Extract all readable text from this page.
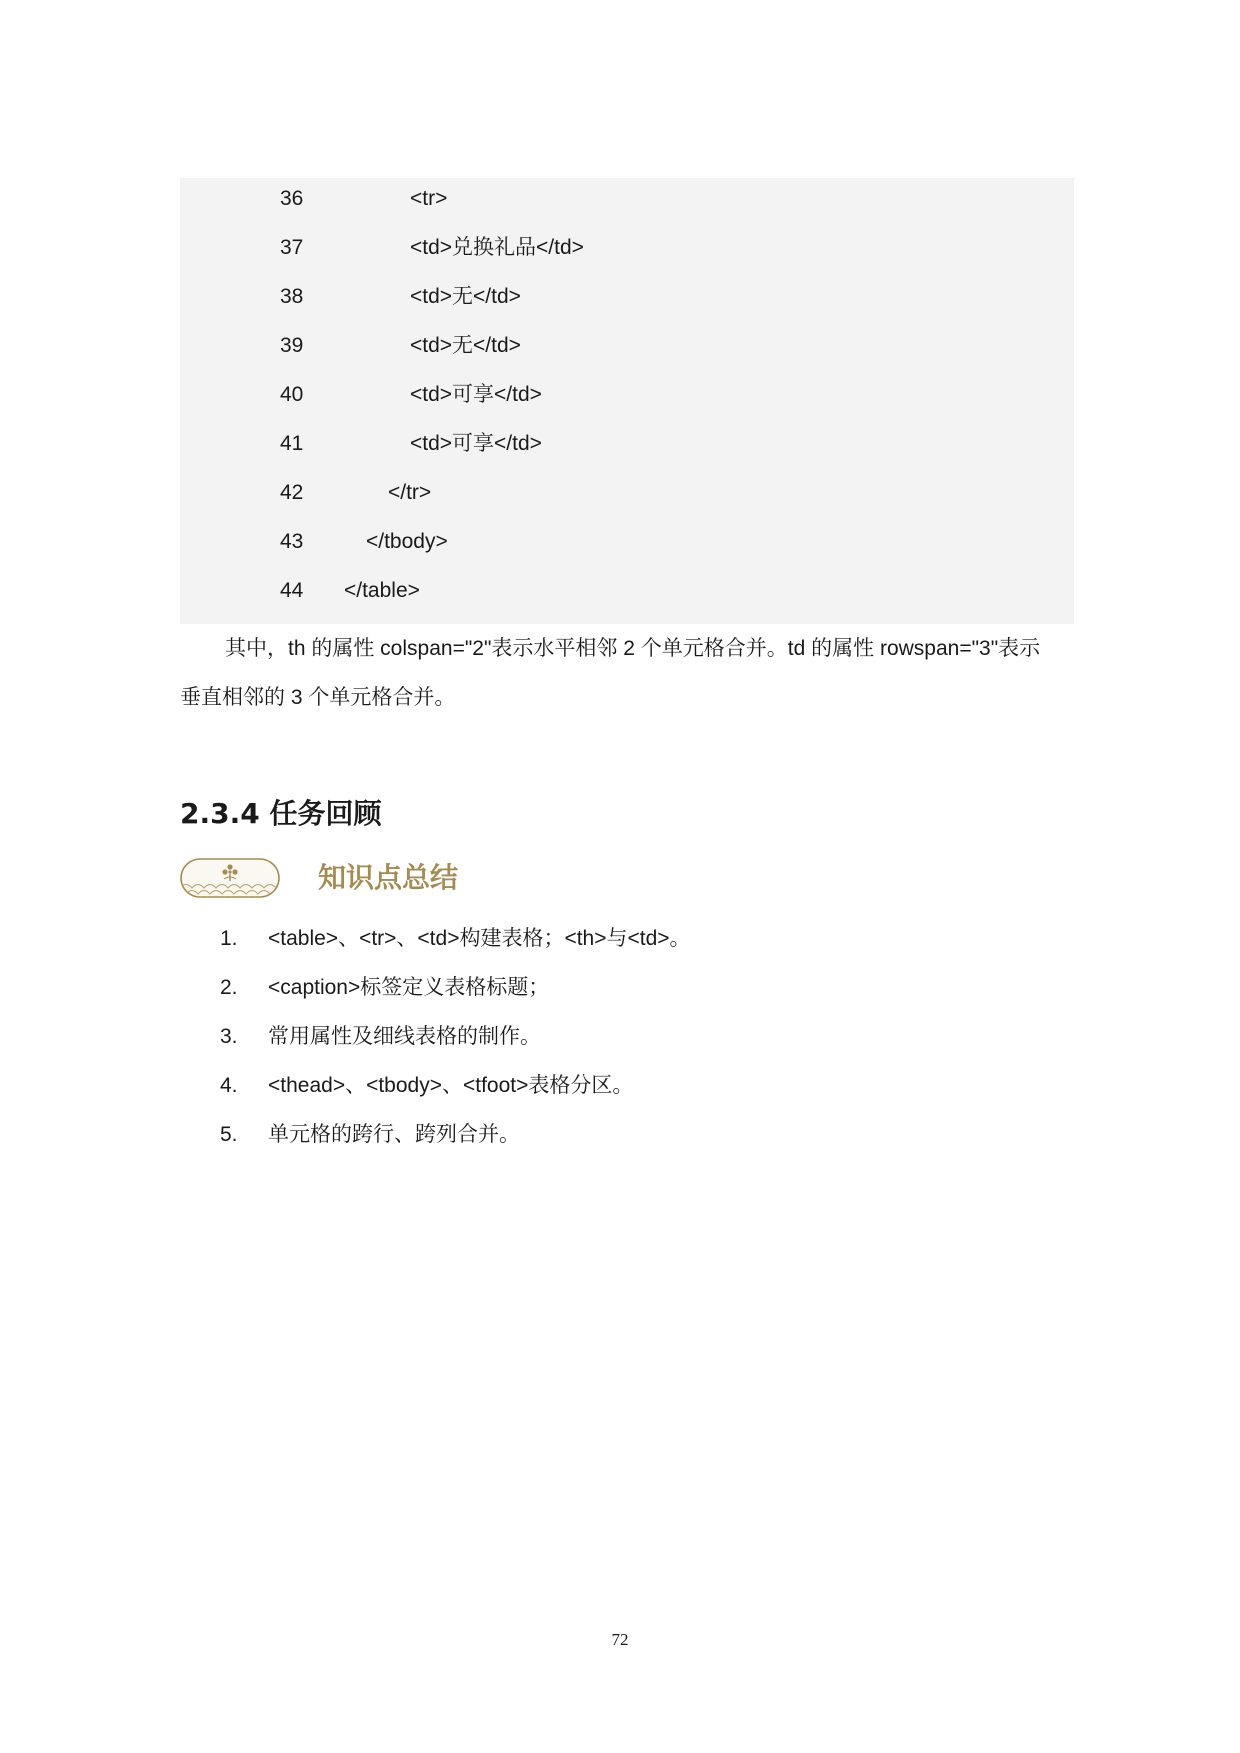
36	<tr>
37	<td>兑换礼品</td>
38	<td>无</td>
39	<td>无</td>
40	<td>可享</td>
41	<td>可享</td>
42	</tr>
43	</tbody>
44 </table>
其中，th 的属性 colspan="2"表示水平相邻 2 个单元格合并。td 的属性 rowspan="3"表示
垂直相邻的 3 个单元格合并。
2.3.4 任务回顾
知识点总结
1. <table>、<tr>、<td>构建表格；<th>与<td>。
2. <caption>标签定义表格标题；
3. 常用属性及细线表格的制作。
4. <thead>、<tbody>、<tfoot>表格分区。
5. 单元格的跨行、跨列合并。
72
